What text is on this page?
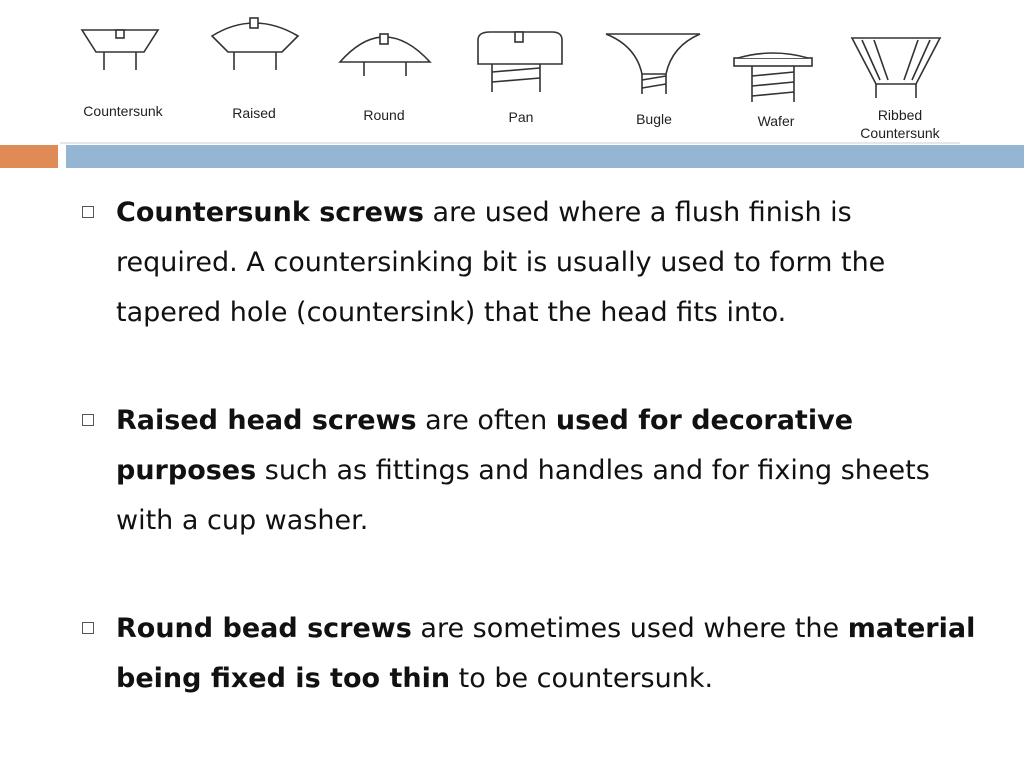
Countersunk	Raised	Round	Pan	Bugle	Wafer	Ribbed
Countersunk
Countersunk screws are used where a flush finish is required. A countersinking bit is usually used to form the tapered hole (countersink) that the head fits into.
Raised head screws are often used for decorative purposes such as fittings and handles and for fixing sheets with a cup washer.
Round bead screws are sometimes used where the material being fixed is too thin to be countersunk.
